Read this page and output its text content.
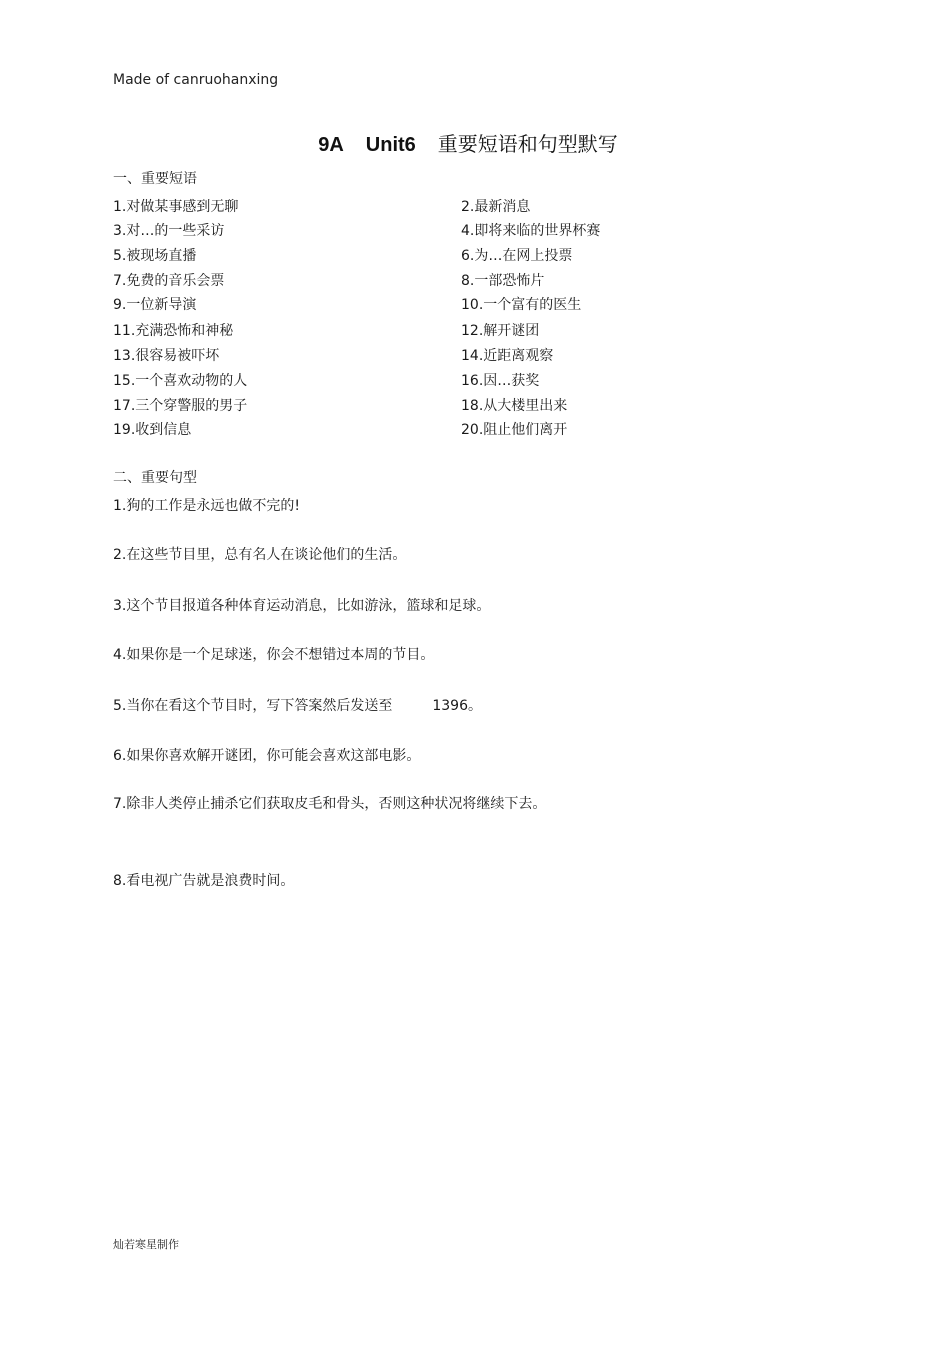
Made of canruohanxing
9A Unit6 重要短语和句型默写
一、重要短语
1.对做某事感到无聊	2.最新消息
3.对…的一些采访	4.即将来临的世界杯赛
5.被现场直播	6.为…在网上投票
7.免费的音乐会票	8.一部恐怖片
9.一位新导演	10.一个富有的医生
11.充满恐怖和神秘	12.解开谜团
13.很容易被吓坏	14.近距离观察
15.一个喜欢动物的人	16.因…获奖
17.三个穿警服的男子	18.从大楼里出来
19.收到信息	20.阻止他们离开
二、重要句型
1.狗的工作是永远也做不完的!
2.在这些节目里，总有名人在谈论他们的生活。
3.这个节目报道各种体育运动消息，比如游泳，篮球和足球。
4.如果你是一个足球迷，你会不想错过本周的节目。
5.当你在看这个节目时，写下答案然后发送至	1396。
6.如果你喜欢解开谜团，你可能会喜欢这部电影。
7.除非人类停止捕杀它们获取皮毛和骨头，否则这种状况将继续下去。
8.看电视广告就是浪费时间。
灿若寒星制作
